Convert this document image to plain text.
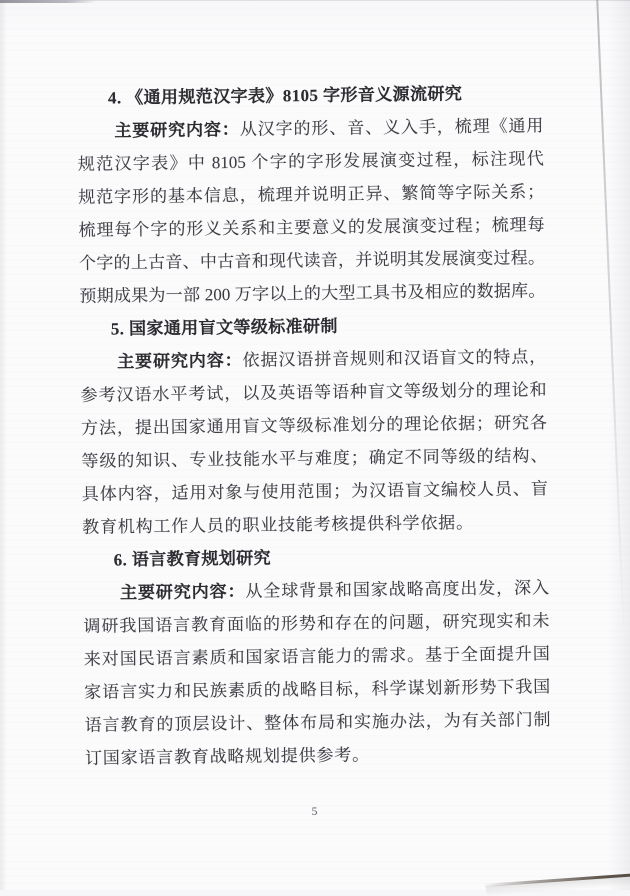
4. 《通用规范汉字表》8105 字形音义源流研究
主要研究内容：从汉字的形、音、义入手，梳理《通用
规范汉字表》中 8105 个字的字形发展演变过程，标注现代
规范字形的基本信息，梳理并说明正异、繁简等字际关系；
梳理每个字的形义关系和主要意义的发展演变过程；梳理每
个字的上古音、中古音和现代读音，并说明其发展演变过程。
预期成果为一部 200 万字以上的大型工具书及相应的数据库。
5. 国家通用盲文等级标准研制
主要研究内容：依据汉语拼音规则和汉语盲文的特点，
参考汉语水平考试，以及英语等语种盲文等级划分的理论和
方法，提出国家通用盲文等级标准划分的理论依据；研究各
等级的知识、专业技能水平与难度；确定不同等级的结构、
具体内容，适用对象与使用范围；为汉语盲文编校人员、盲
教育机构工作人员的职业技能考核提供科学依据。
6. 语言教育规划研究
主要研究内容：从全球背景和国家战略高度出发，深入
调研我国语言教育面临的形势和存在的问题，研究现实和未
来对国民语言素质和国家语言能力的需求。基于全面提升国
家语言实力和民族素质的战略目标，科学谋划新形势下我国
语言教育的顶层设计、整体布局和实施办法，为有关部门制
订国家语言教育战略规划提供参考。
5
